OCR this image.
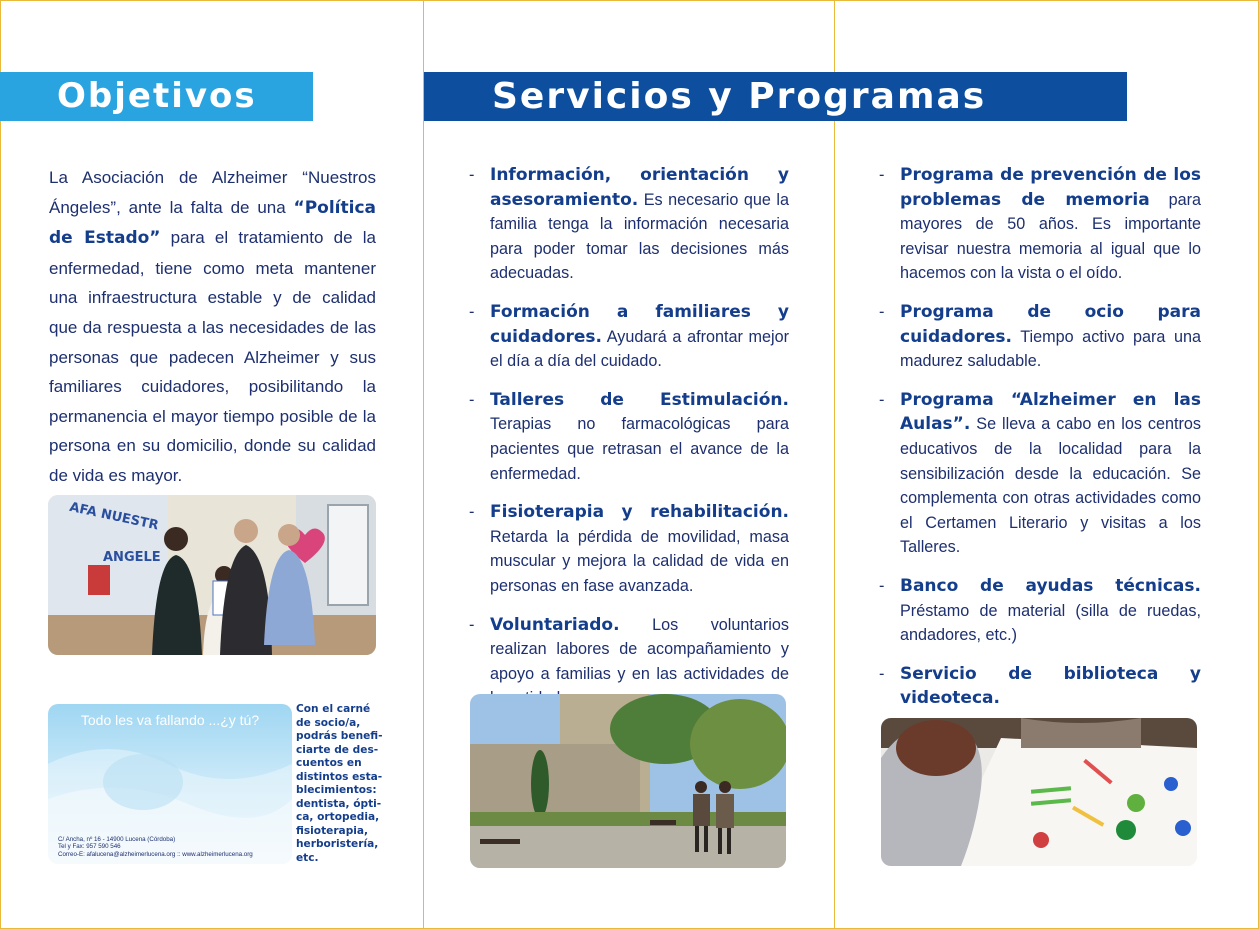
Objetivos	Servicios y Programas

La Asociación de Alzheimer “Nuestros Ángeles”, ante la falta de una “Política de Estado” para el tratamiento de la enfermedad, tiene como meta mantener una infraestructura estable y de calidad que da respuesta a las necesidades de las personas que padecen Alzheimer y sus familiares cuidadores, posibilitando la permanencia el mayor tiempo posible de la persona en su domicilio, donde su calidad de vida es mayor.

AFA NUESTR
ANGELE
Todo les va fallando ...¿y tú?
C/ Ancha, nº 16 - 14900 Lucena (Córdoba)
Tel y Fax: 957 590 546
Correo-E: afalucena@alzheimerlucena.org :: www.alzheimerlucena.org
Con el carné
de socio/a,
podrás benefi-
ciarte de des-
cuentos en
distintos esta-
blecimientos:
dentista, ópti-
ca, ortopedia,
fisioterapia,
herboristería,
etc.
- Información, orientación y asesoramiento. Es necesario que la familia tenga la información necesaria para poder tomar las decisiones más adecuadas.
- Formación a familiares y cuidadores. Ayudará a afrontar mejor el día a día del cuidado.
- Talleres de Estimulación. Terapias no farmacológicas para pacientes que retrasan el avance de la enfermedad.
- Fisioterapia y rehabilitación. Retarda la pérdida de movilidad, masa muscular y mejora la calidad de vida en personas en fase avanzada.
- Voluntariado. Los voluntarios realizan labores de acompañamiento y apoyo a familias y en las actividades de
- Programa de prevención de los problemas de memoria para mayores de 50 años. Es importante revisar nuestra memoria al igual que lo hacemos con la vista o el oído.
- Programa de ocio para cuidadores. Tiempo activo para una madurez saludable.
- Programa “Alzheimer en las Aulas”. Se lleva a cabo en los centros educativos de la localidad para la sensibilización desde la educación. Se complementa con otras actividades como el Certamen Literario y visitas a los Talleres.
- Banco de ayudas técnicas. Préstamo de material (silla de ruedas, andadores, etc.)
- Servicio de biblioteca y videoteca.
